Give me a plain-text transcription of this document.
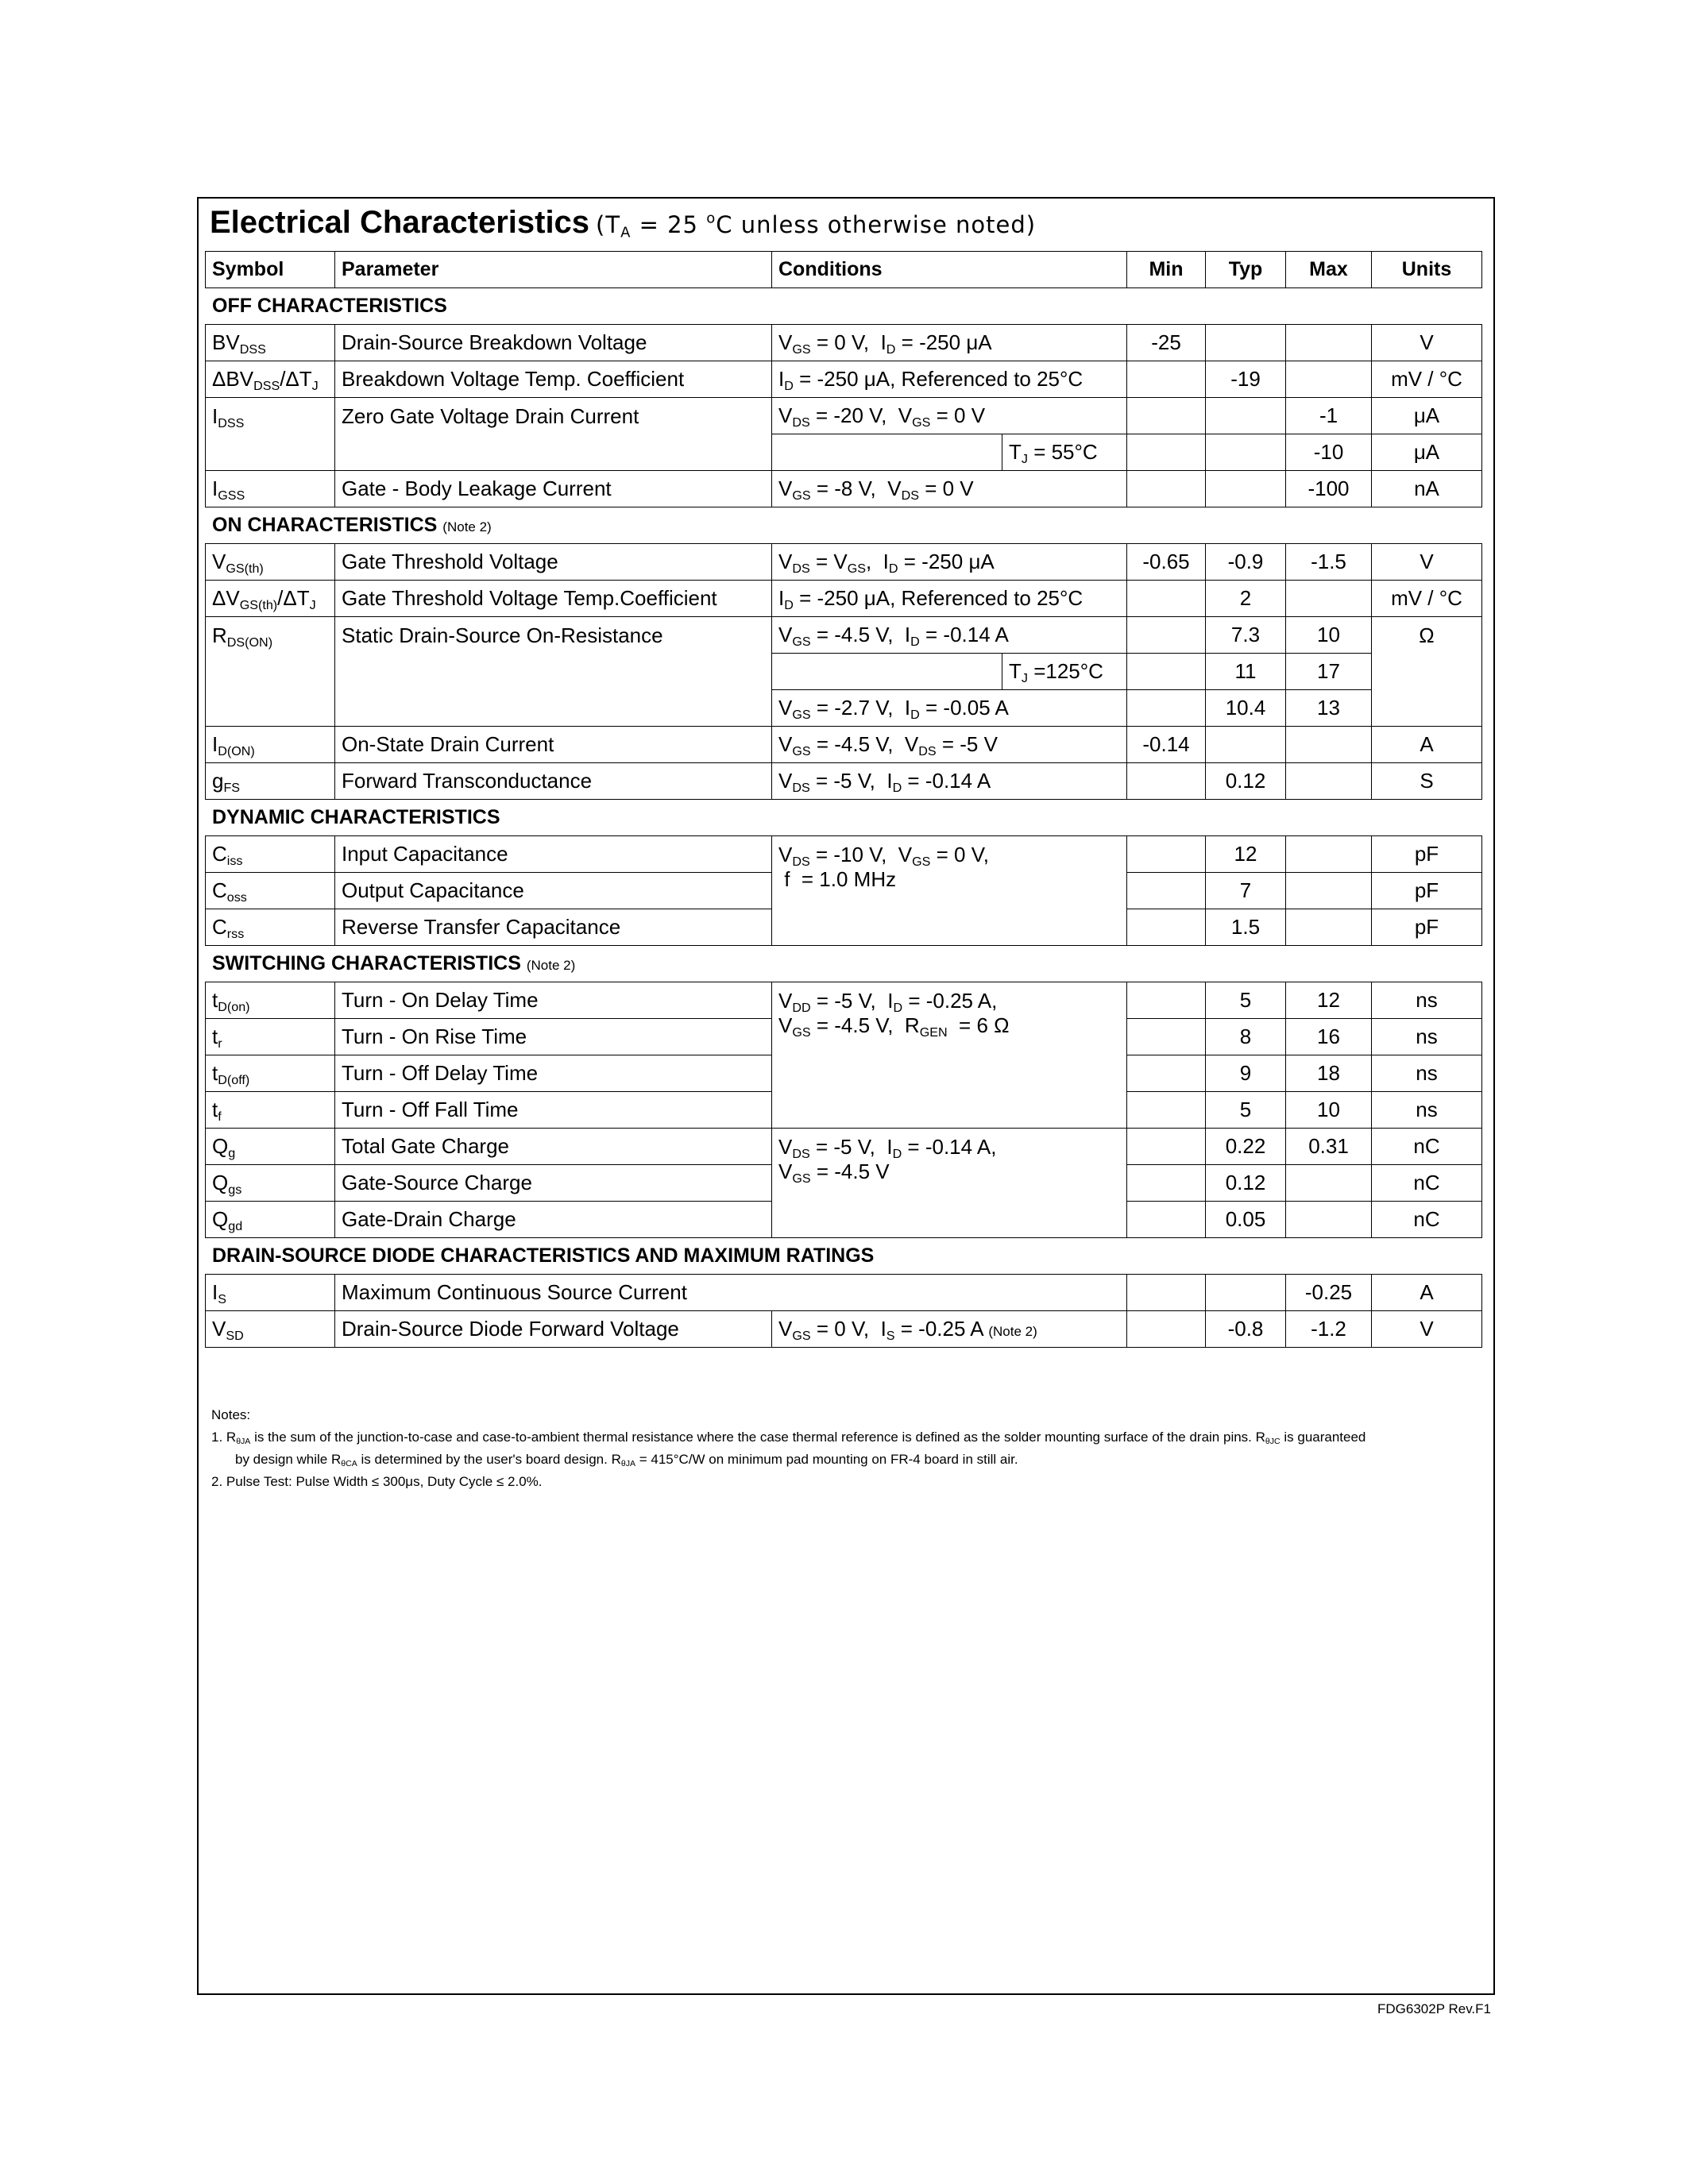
Electrical Characteristics ($T_A = 25$ $^o$C unless otherwise noted)
Symbol	Parameter	Conditions		Min	Typ	Max	Units
OFF CHARACTERISTICS							
$BV_{DSS}$	Drain-Source Breakdown Voltage	$V_{GS} = 0$ V,  $I_D = -250$ μA		-25			V
$\Delta BV_{DSS}/\Delta T_J$	Breakdown Voltage Temp. Coefficient	$I_D = -250$ μA, Referenced to 25°C			-19		mV / °C
$I_{DSS}$	Zero Gate Voltage Drain Current	$V_{DS} = -20$ V,  $V_{GS} = 0$ V				-1	μA
			$T_J = 55^\circ C$			-10	μA
$I_{GSS}$	Gate - Body Leakage Current	$V_{GS} = -8$ V,  $V_{DS} = 0$ V				-100	nA
ON CHARACTERISTICS (Note 2)							
$V_{GS(th)}$	Gate Threshold Voltage	$V_{DS} = V_{GS}$,  $I_D = -250$ μA		-0.65	-0.9	-1.5	V
$\Delta V_{GS(th)}/\Delta T_J$	Gate Threshold Voltage Temp.Coefficient	$I_D = -250$ μA, Referenced to 25°C			2		mV / °C
$R_{DS(ON)}$	Static Drain-Source On-Resistance	$V_{GS} = -4.5$ V,  $I_D = -0.14$ A			7.3	10	Ω
			$T_J =125^\circ C$		11	17	
		$V_{GS} = -2.7$ V,  $I_D = -0.05$ A			10.4	13	
$I_{D(ON)}$	On-State Drain Current	$V_{GS} = -4.5$ V,  $V_{DS} = -5$ V		-0.14			A
$g_{FS}$	Forward Transconductance	$V_{DS} = -5$ V,  $I_D = -0.14$ A			0.12		S
DYNAMIC CHARACTERISTICS							
$C_{iss}$	Input Capacitance	$V_{DS} = -10$ V,  $V_{GS} = 0$ V,
f  = 1.0 MHz			12		pF
$C_{oss}$	Output Capacitance				7		pF
$C_{rss}$	Reverse Transfer Capacitance				1.5		pF
SWITCHING CHARACTERISTICS (Note 2)							
$t_{D(on)}$	Turn - On Delay Time	$V_{DD} = -5$ V,  $I_D = -0.25$ A,
$V_{GS} = -4.5$ V,  $R_{GEN} = 6$ Ω			5	12	ns
$t_r$	Turn - On Rise Time				8	16	ns
$t_{D(off)}$	Turn - Off Delay Time				9	18	ns
$t_f$	Turn - Off Fall Time				5	10	ns
$Q_g$	Total Gate Charge	$V_{DS} = -5$ V,  $I_D = -0.14$ A,
$V_{GS} = -4.5$ V			0.22	0.31	nC
$Q_{gs}$	Gate-Source Charge				0.12		nC
$Q_{gd}$	Gate-Drain Charge				0.05		nC
DRAIN-SOURCE DIODE CHARACTERISTICS AND MAXIMUM RATINGS							
$I_S$	Maximum Continuous Source Current					-0.25	A
$V_{SD}$	Drain-Source Diode Forward Voltage	$V_{GS} = 0$ V,  $I_S = -0.25$ A (Note 2)			-0.8	-1.2	V
Notes:
1. $R_{\theta JA}$ is the sum of the junction-to-case and case-to-ambient thermal resistance where the case thermal reference is defined as the solder mounting surface of the drain pins. $R_{\theta JC}$ is guaranteed
by design while $R_{\theta CA}$ is determined by the user's board design. $R_{\theta JA} = 415^\circ C/W$ on minimum pad mounting on FR-4 board in still air.
2. Pulse Test: Pulse Width ≤ 300μs, Duty Cycle ≤ 2.0%.
FDG6302P Rev.F1
